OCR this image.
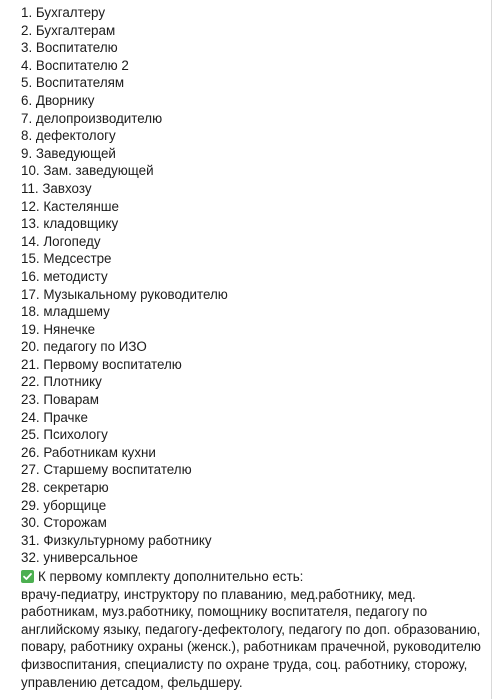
1. Бухгалтеру
2. Бухгалтерам
3. Воспитателю
4. Воспитателю 2
5. Воспитателям
6. Дворнику
7. делопроизводителю
8. дефектологу
9. Заведующей
10. Зам. заведующей
11. Завхозу
12. Кастелянше
13. кладовщику
14. Логопеду
15. Медсестре
16. методисту
17. Музыкальному руководителю
18. младшему
19. Нянечке
20. педагогу по ИЗО
21. Первому воспитателю
22. Плотнику
23. Поварам
24. Прачке
25. Психологу
26. Работникам кухни
27. Старшему воспитателю
28. секретарю
29. уборщице
30. Сторожам
31. Физкультурному работнику
32. универсальное
К первому комплекту дополнительно есть:

врачу-педиатру, инструктору по плаванию, мед.работнику, мед. работникам, муз.работнику, помощнику воспитателя, педагогу по английскому языку, педагогу-дефектологу, педагогу по доп. образованию, повару, работнику охраны (женск.), работникам прачечной, руководителю физвоспитания, специалисту по охране труда, соц. работнику, сторожу, управлению детсадом, фельдшеру.
